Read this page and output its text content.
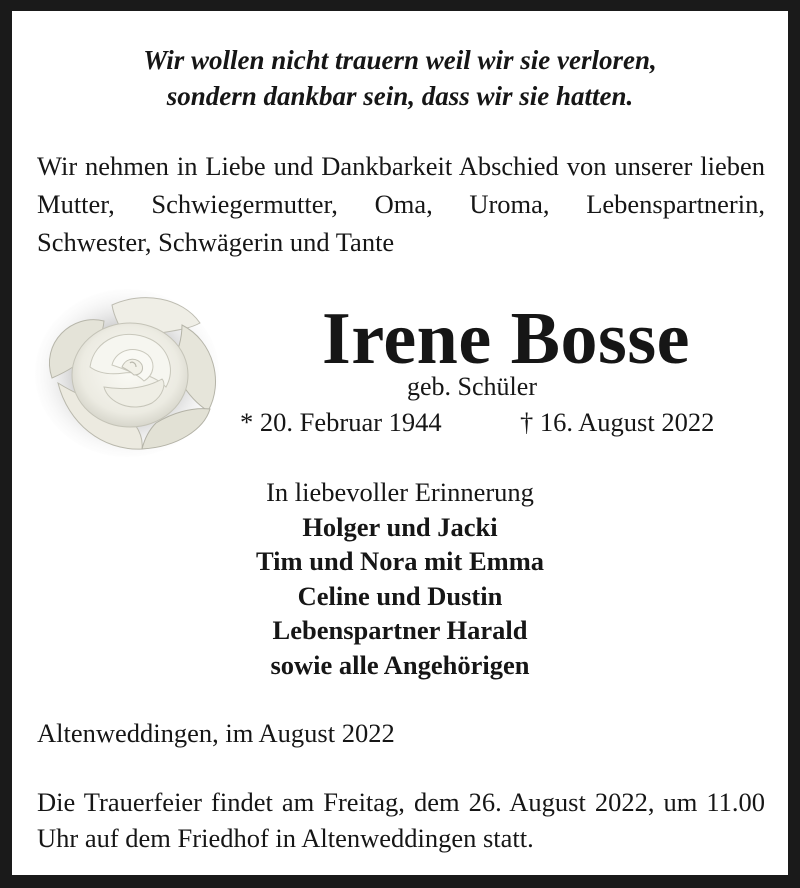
Wir wollen nicht trauern weil wir sie verloren,
sondern dankbar sein, dass wir sie hatten.
Wir nehmen in Liebe und Dankbarkeit Abschied von unserer lieben Mutter, Schwiegermutter, Oma, Uroma, Lebenspartnerin, Schwester, Schwägerin und Tante
Irene Bosse
geb. Schüler
* 20. Februar 1944	† 16. August 2022
In liebevoller Erinnerung
Holger und Jacki
Tim und Nora mit Emma
Celine und Dustin
Lebenspartner Harald
sowie alle Angehörigen
Altenweddingen, im August 2022
Die Trauerfeier findet am Freitag, dem 26. August 2022, um 11.00 Uhr auf dem Friedhof in Altenweddingen statt.
